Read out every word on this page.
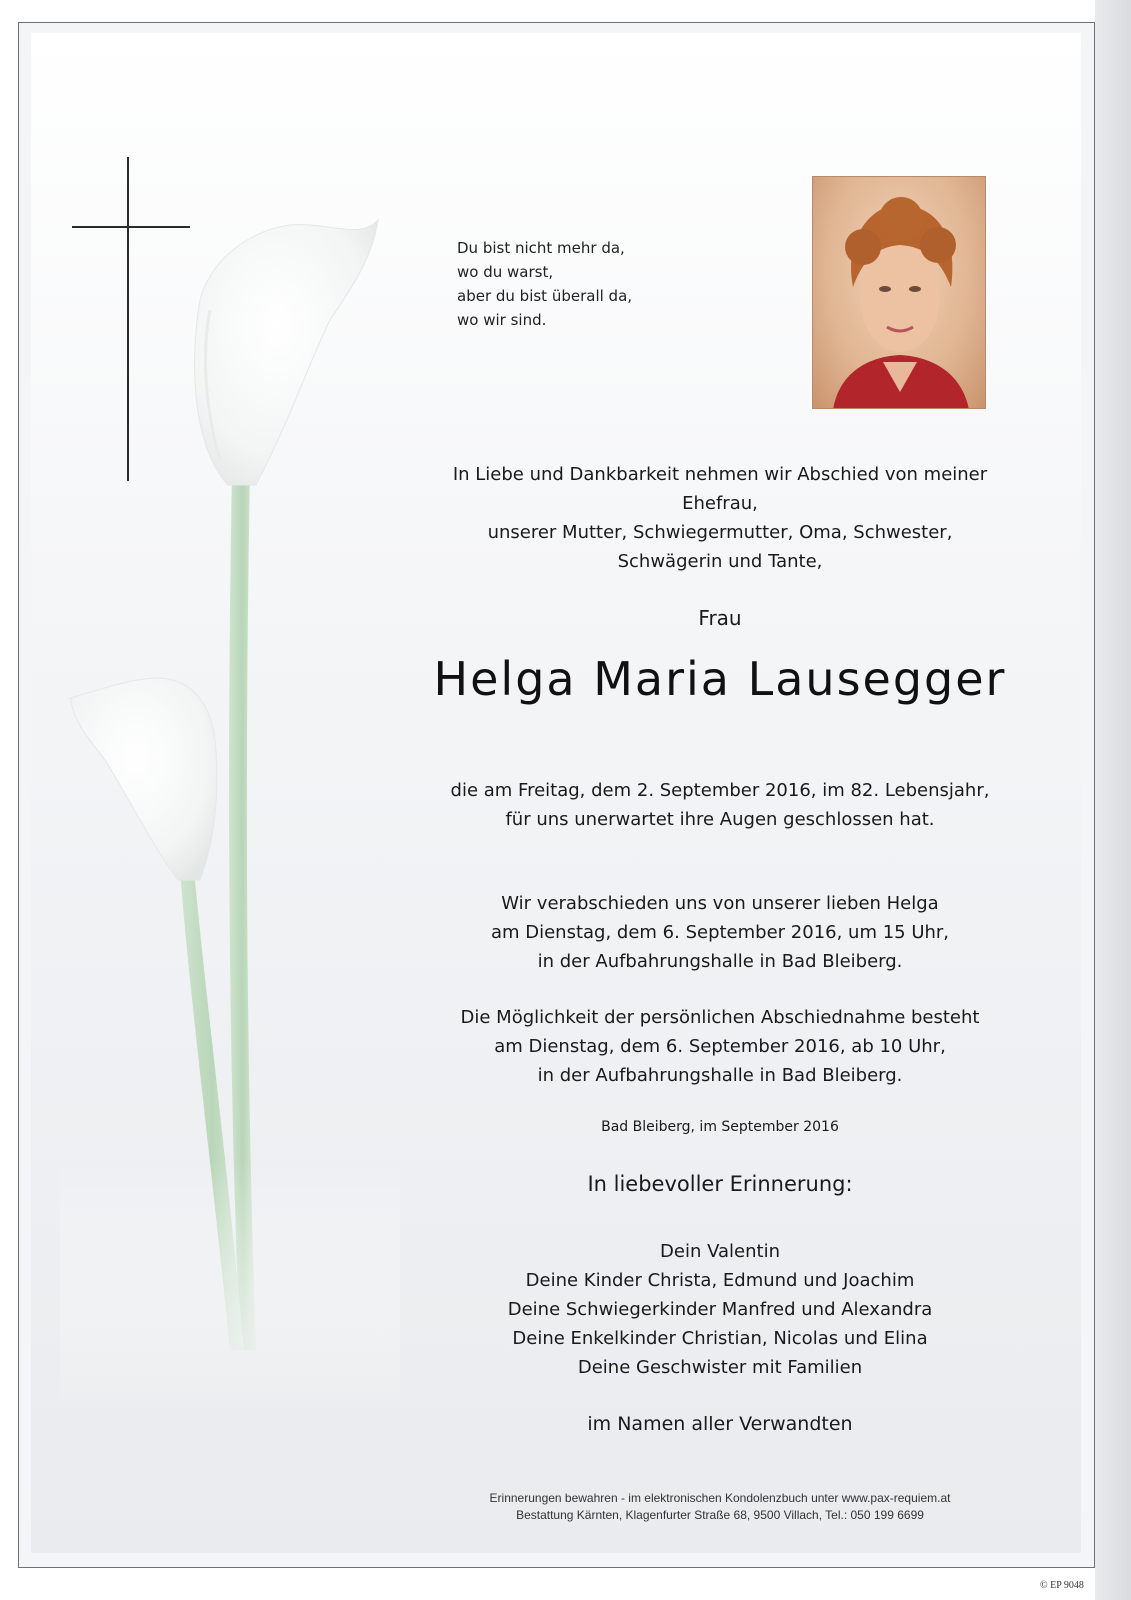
Du bist nicht mehr da,
wo du warst,
aber du bist überall da,
wo wir sind.
In Liebe und Dankbarkeit nehmen wir Abschied von meiner Ehefrau,
unserer Mutter, Schwiegermutter, Oma, Schwester,
Schwägerin und Tante,
Frau
Helga Maria Lausegger
die am Freitag, dem 2. September 2016, im 82. Lebensjahr,
für uns unerwartet ihre Augen geschlossen hat.
Wir verabschieden uns von unserer lieben Helga
am Dienstag, dem 6. September 2016, um 15 Uhr,
in der Aufbahrungshalle in Bad Bleiberg.
Die Möglichkeit der persönlichen Abschiednahme besteht
am Dienstag, dem 6. September 2016, ab 10 Uhr,
in der Aufbahrungshalle in Bad Bleiberg.
Bad Bleiberg, im September 2016
In liebevoller Erinnerung:
Dein Valentin
Deine Kinder Christa, Edmund und Joachim
Deine Schwiegerkinder Manfred und Alexandra
Deine Enkelkinder Christian, Nicolas und Elina
Deine Geschwister mit Familien
im Namen aller Verwandten
Erinnerungen bewahren - im elektronischen Kondolenzbuch unter www.pax-requiem.at
Bestattung Kärnten, Klagenfurter Straße 68, 9500 Villach, Tel.: 050 199 6699
© EP 9048
